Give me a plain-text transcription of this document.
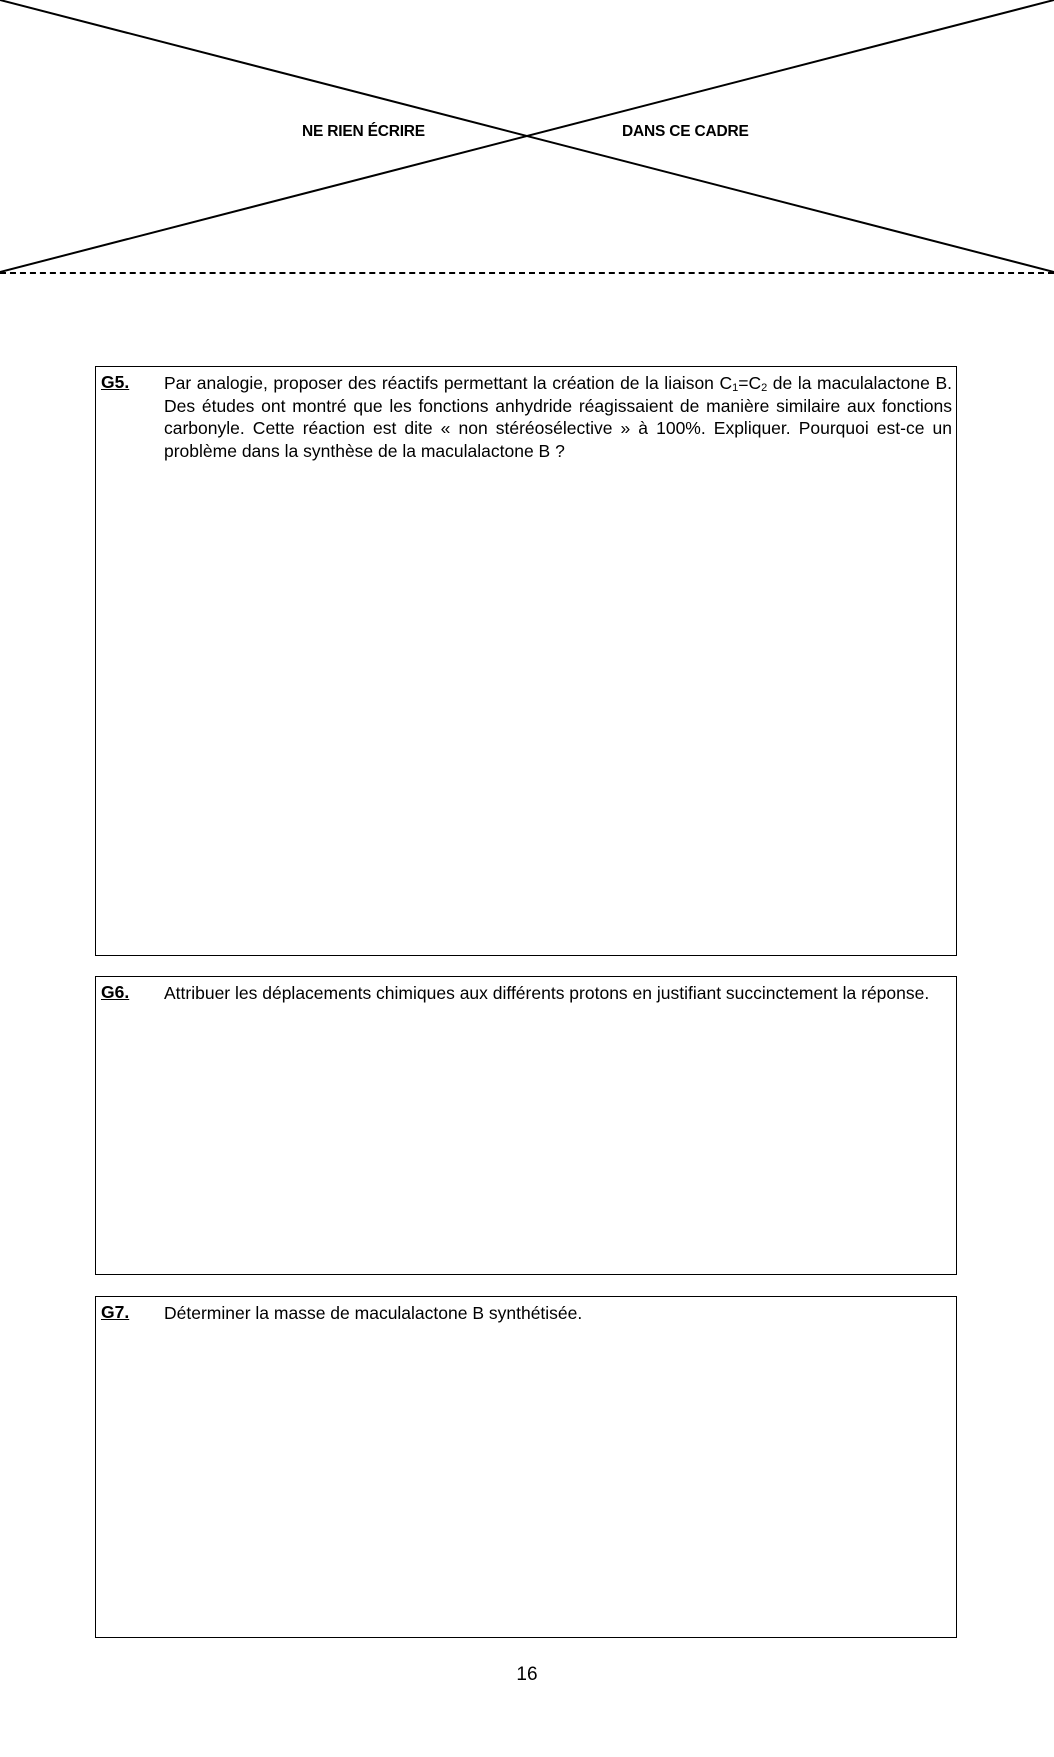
NE RIEN ÉCRIRE	DANS CE CADRE
G5. Par analogie, proposer des réactifs permettant la création de la liaison $C_1=C_2$ de la maculalactone B. Des études ont montré que les fonctions anhydride réagissaient de manière similaire aux fonctions carbonyle. Cette réaction est dite « non stéréosélective » à 100%. Expliquer. Pourquoi est-ce un problème dans la synthèse de la maculalactone B ?
G6. Attribuer les déplacements chimiques aux différents protons en justifiant succinctement la réponse.
G7. Déterminer la masse de maculalactone B synthétisée.
16
